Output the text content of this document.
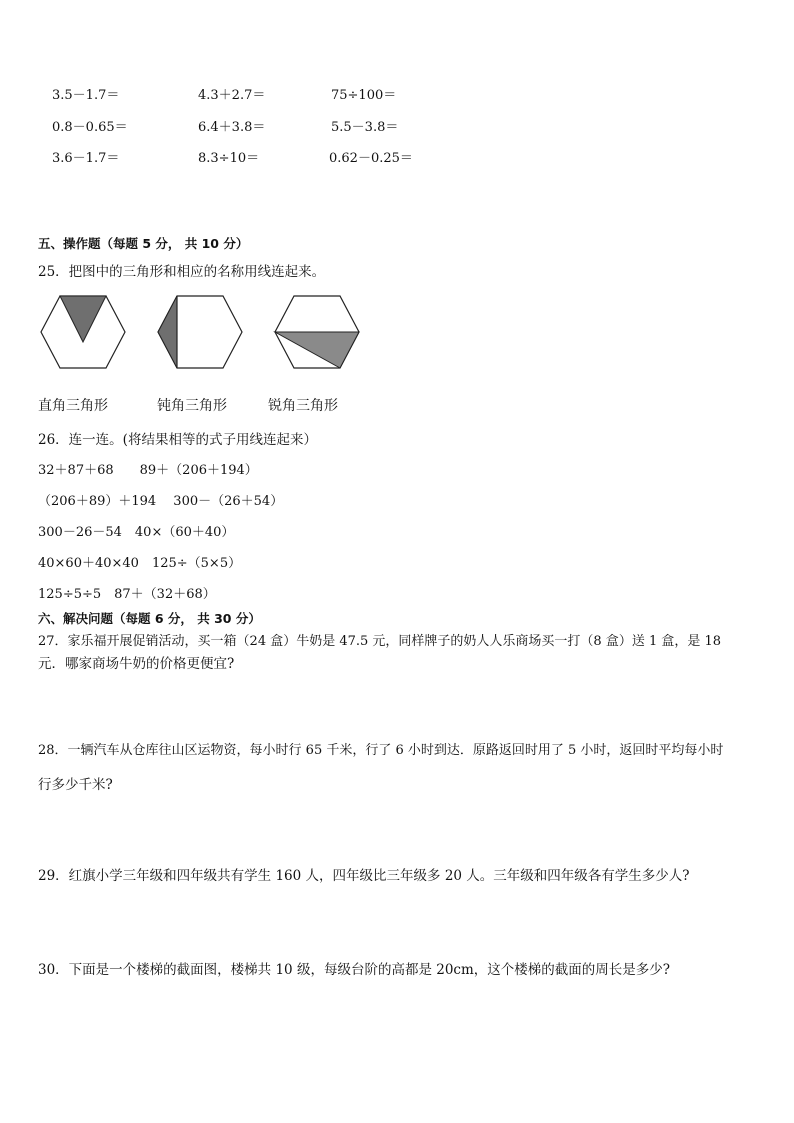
3.5－1.7＝	4.3＋2.7＝	75÷100＝
0.8－0.65＝	6.4＋3.8＝	5.5－3.8＝
3.6－1.7＝	8.3÷10＝	0.62－0.25＝
五、操作题（每题 5 分， 共 10 分）
25．把图中的三角形和相应的名称用线连起来。
直角三角形	钝角三角形	锐角三角形
26．连一连。(将结果相等的式子用线连起来）
32＋87＋68　　89＋（206＋194）
（206＋89）＋194　 300－（26＋54）
300－26－54　40×（60＋40）
40×60＋40×40　125÷（5×5）
125÷5÷5　87＋（32＋68）
六、解决问题（每题 6 分， 共 30 分）
27．家乐福开展促销活动，买一箱（24 盒）牛奶是 47.5 元，同样牌子的奶人人乐商场买一打（8 盒）送 1 盒，是 18
元．哪家商场牛奶的价格更便宜?
28．一辆汽车从仓库往山区运物资，每小时行 65 千米，行了 6 小时到达．原路返回时用了 5 小时，返回时平均每小时
行多少千米?
29．红旗小学三年级和四年级共有学生 160 人，四年级比三年级多 20 人。三年级和四年级各有学生多少人?
30．下面是一个楼梯的截面图，楼梯共 10 级，每级台阶的高都是 20cm，这个楼梯的截面的周长是多少?
